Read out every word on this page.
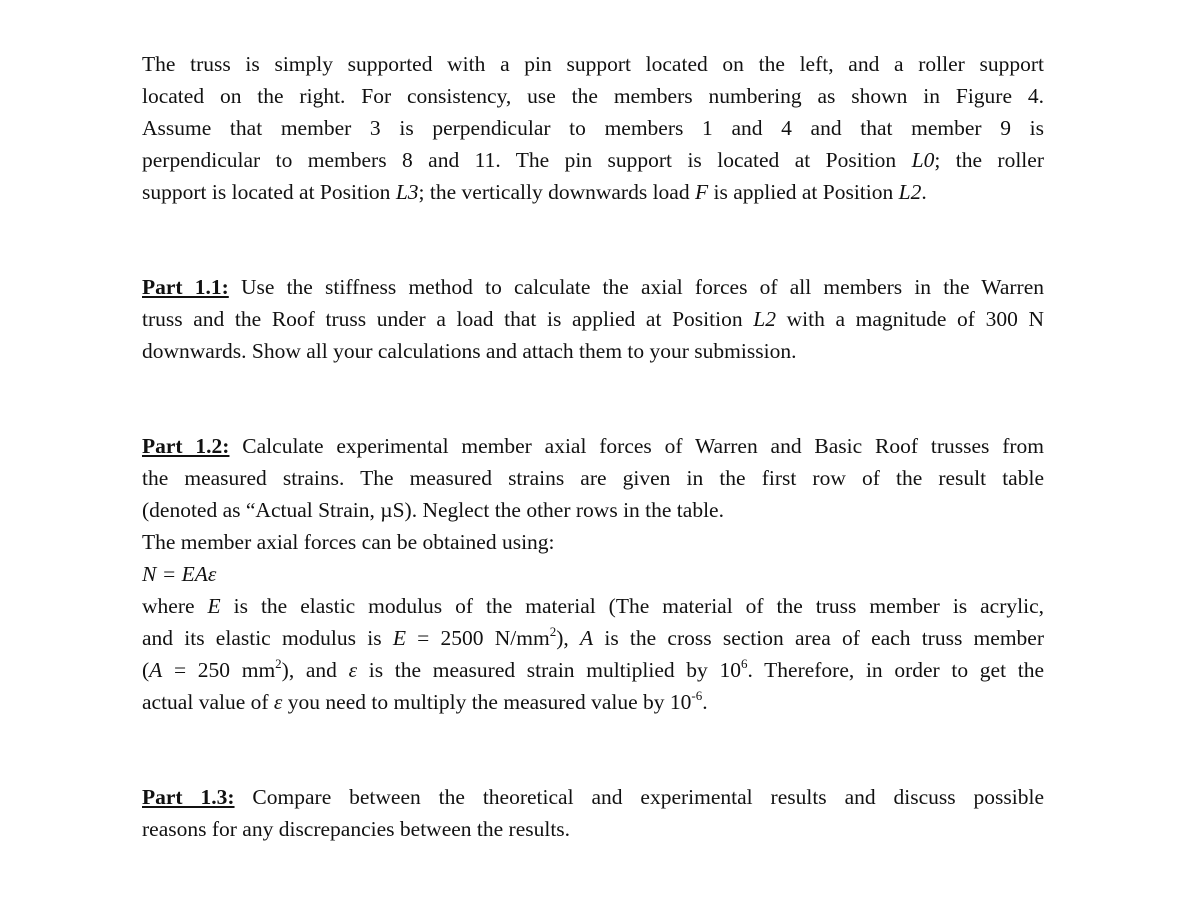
The truss is simply supported with a pin support located on the left, and a roller support
located on the right. For consistency, use the members numbering as shown in Figure 4.
Assume that member 3 is perpendicular to members 1 and 4 and that member 9 is
perpendicular to members 8 and 11. The pin support is located at Position L0; the roller
support is located at Position L3; the vertically downwards load F is applied at Position L2.

Part 1.1: Use the stiffness method to calculate the axial forces of all members in the Warren
truss and the Roof truss under a load that is applied at Position L2 with a magnitude of 300 N
downwards. Show all your calculations and attach them to your submission.

Part 1.2: Calculate experimental member axial forces of Warren and Basic Roof trusses from
the measured strains. The measured strains are given in the first row of the result table
(denoted as “Actual Strain, µS). Neglect the other rows in the table.
The member axial forces can be obtained using:
N = EAε
where E is the elastic modulus of the material (The material of the truss member is acrylic,
and its elastic modulus is E = 2500 $N/mm^2$), A is the cross section area of each truss member
(A = 250 $mm^2$), and ε is the measured strain multiplied by $10^6$. Therefore, in order to get the
actual value of ε you need to multiply the measured value by $10^{-6}$.

Part 1.3: Compare between the theoretical and experimental results and discuss possible
reasons for any discrepancies between the results.
